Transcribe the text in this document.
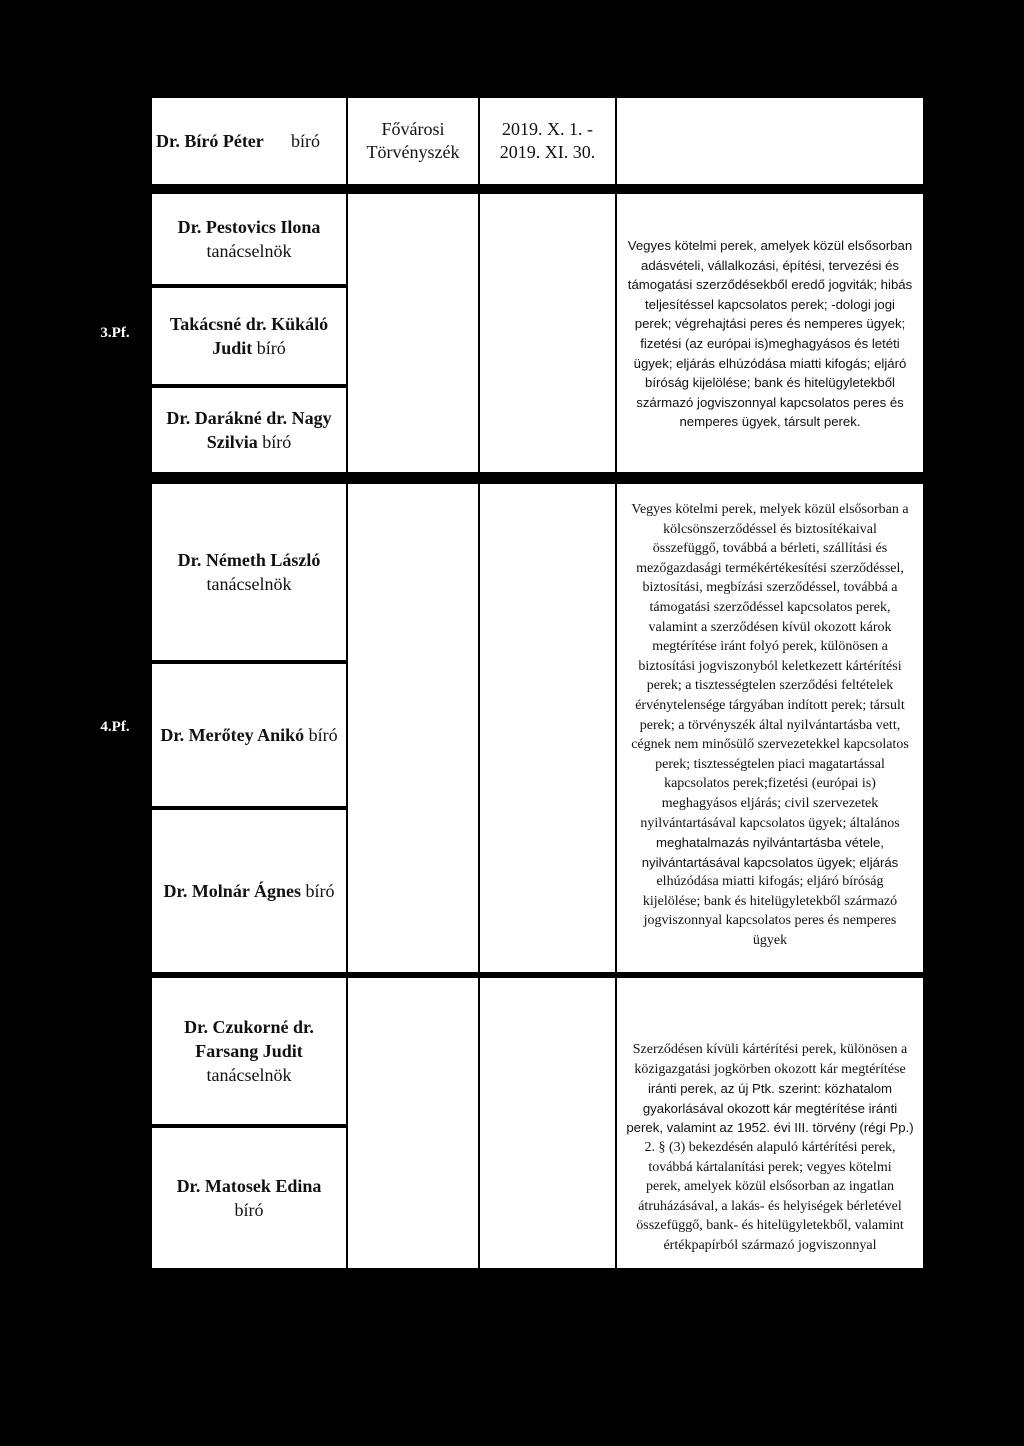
Dr. Bíró Péter bíró
Fővárosi
Törvényszék
2019. X. 1. -
2019. XI. 30.
3.Pf.
Dr. Pestovics Ilona
tanácselnök
Takácsné dr. Kükáló
Judit bíró
Dr. Darákné dr. Nagy
Szilvia bíró
Vegyes kötelmi perek, amelyek közül elsősorban
adásvételi, vállalkozási, építési, tervezési és
támogatási szerződésekből eredő jogviták; hibás
teljesítéssel kapcsolatos perek; -dologi jogi
perek; végrehajtási peres és nemperes ügyek;
fizetési (az európai is)meghagyásos és letéti
ügyek; eljárás elhúzódása miatti kifogás; eljáró
bíróság kijelölése; bank és hitelügyletekből
származó jogviszonnyal kapcsolatos peres és
nemperes ügyek, társult perek.
4.Pf.
Dr. Németh László
tanácselnök
Dr. Merőtey Anikó bíró
Dr. Molnár Ágnes bíró
Vegyes kötelmi perek, melyek közül elsősorban a
kölcsönszerződéssel és biztosítékaival
összefüggő, továbbá a bérleti, szállítási és
mezőgazdasági termékértékesítési szerződéssel,
biztosítási, megbízási szerződéssel, továbbá a
támogatási szerződéssel kapcsolatos perek,
valamint a szerződésen kívül okozott károk
megtérítése iránt folyó perek, különösen a
biztosítási jogviszonyból keletkezett kártérítési
perek; a tisztességtelen szerződési feltételek
érvénytelensége tárgyában indított perek; társult
perek; a törvényszék által nyilvántartásba vett,
cégnek nem minősülő szervezetekkel kapcsolatos
perek; tisztességtelen piaci magatartással
kapcsolatos perek;fizetési (európai is)
meghagyásos eljárás; civil szervezetek
nyilvántartásával kapcsolatos ügyek; általános
meghatalmazás nyilvántartásba vétele,
nyilvántartásával kapcsolatos ügyek; eljárás
elhúzódása miatti kifogás; eljáró bíróság
kijelölése; bank és hitelügyletekből származó
jogviszonnyal kapcsolatos peres és nemperes
ügyek
Dr. Czukorné dr.
Farsang Judit
tanácselnök
Dr. Matosek Edina
bíró
Szerződésen kívüli kártérítési perek, különösen a
közigazgatási jogkörben okozott kár megtérítése
iránti perek, az új Ptk. szerint: közhatalom
gyakorlásával okozott kár megtérítése iránti
perek, valamint az 1952. évi III. törvény (régi Pp.)
2. § (3) bekezdésén alapuló kártérítési perek,
továbbá kártalanítási perek; vegyes kötelmi
perek, amelyek közül elsősorban az ingatlan
átruházásával, a lakás- és helyiségek bérletével
összefüggő, bank- és hitelügyletekből, valamint
értékpapírból származó jogviszonnyal
